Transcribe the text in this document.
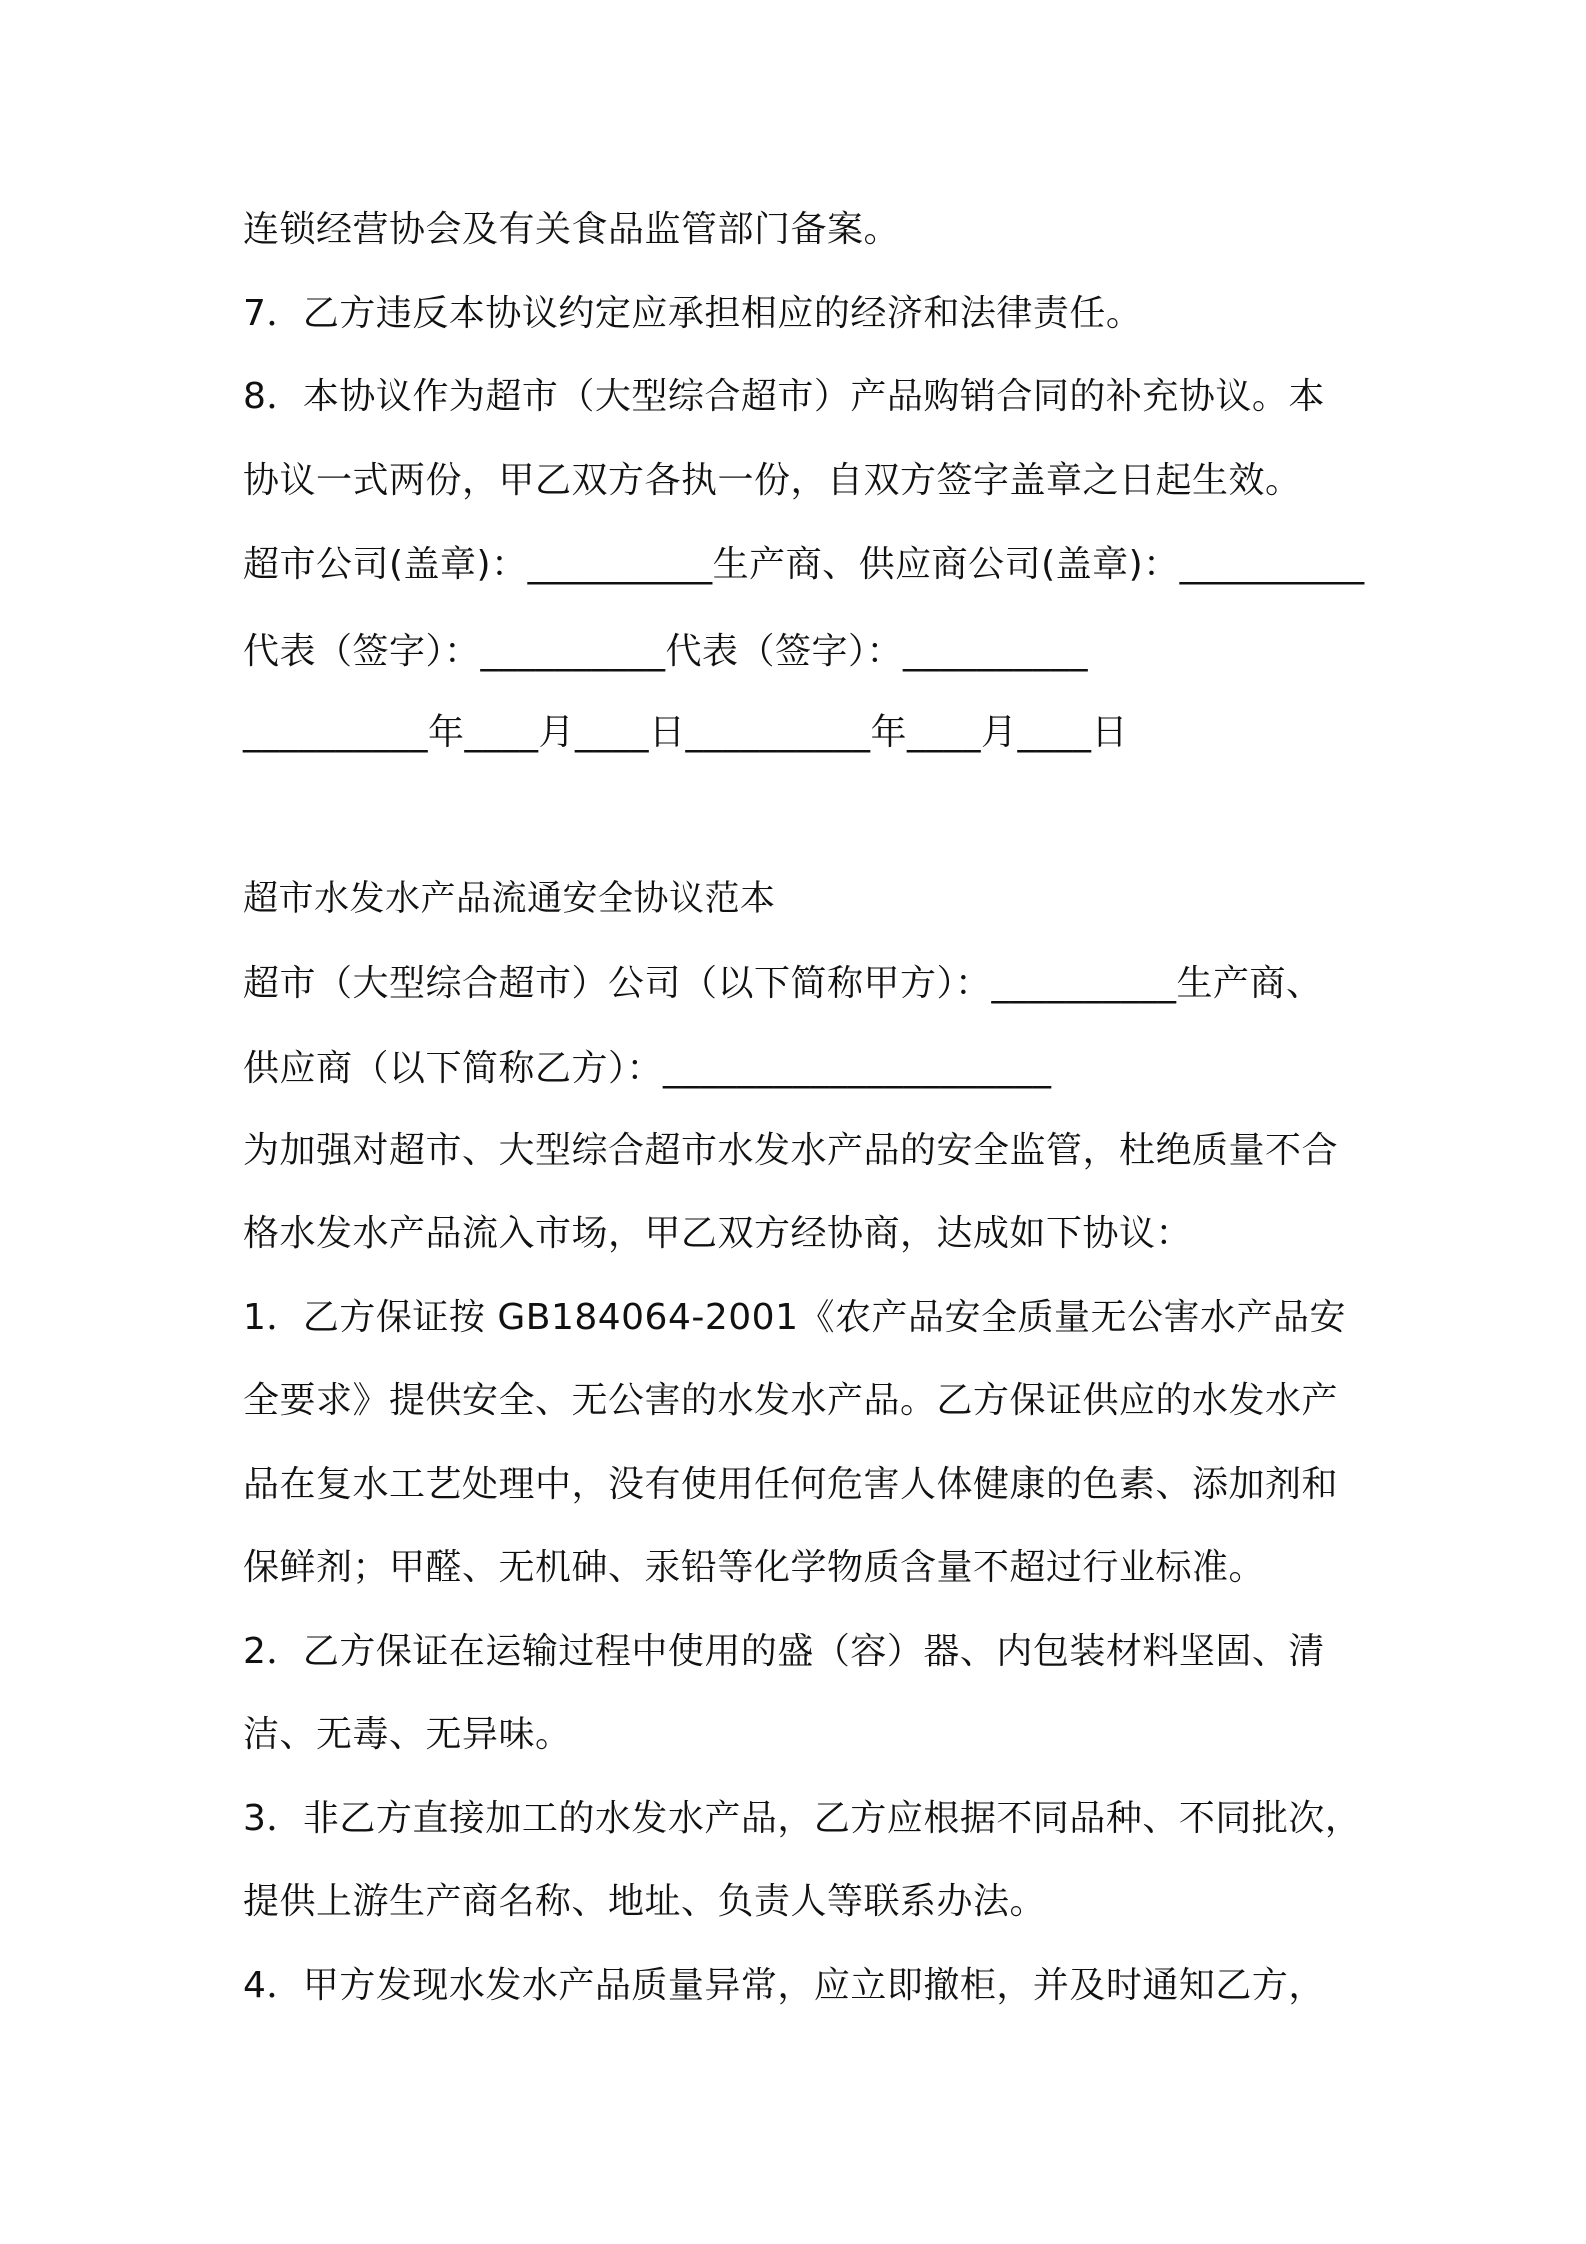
连锁经营协会及有关食品监管部门备案。
7．乙方违反本协议约定应承担相应的经济和法律责任。
8．本协议作为超市（大型综合超市）产品购销合同的补充协议。本
协议一式两份，甲乙双方各执一份，自双方签字盖章之日起生效。
超市公司(盖章)：__________生产商、供应商公司(盖章)：__________
代表（签字）：__________代表（签字）：__________
__________年____月____日__________年____月____日
超市水发水产品流通安全协议范本
超市（大型综合超市）公司（以下简称甲方）：__________生产商、
供应商（以下简称乙方）：_____________________
为加强对超市、大型综合超市水发水产品的安全监管，杜绝质量不合
格水发水产品流入市场，甲乙双方经协商，达成如下协议：
1．乙方保证按 GB184064-2001《农产品安全质量无公害水产品安
全要求》提供安全、无公害的水发水产品。乙方保证供应的水发水产
品在复水工艺处理中，没有使用任何危害人体健康的色素、添加剂和
保鲜剂；甲醛、无机砷、汞铅等化学物质含量不超过行业标准。
2．乙方保证在运输过程中使用的盛（容）器、内包装材料坚固、清
洁、无毒、无异味。
3．非乙方直接加工的水发水产品，乙方应根据不同品种、不同批次，
提供上游生产商名称、地址、负责人等联系办法。
4．甲方发现水发水产品质量异常，应立即撤柜，并及时通知乙方，
